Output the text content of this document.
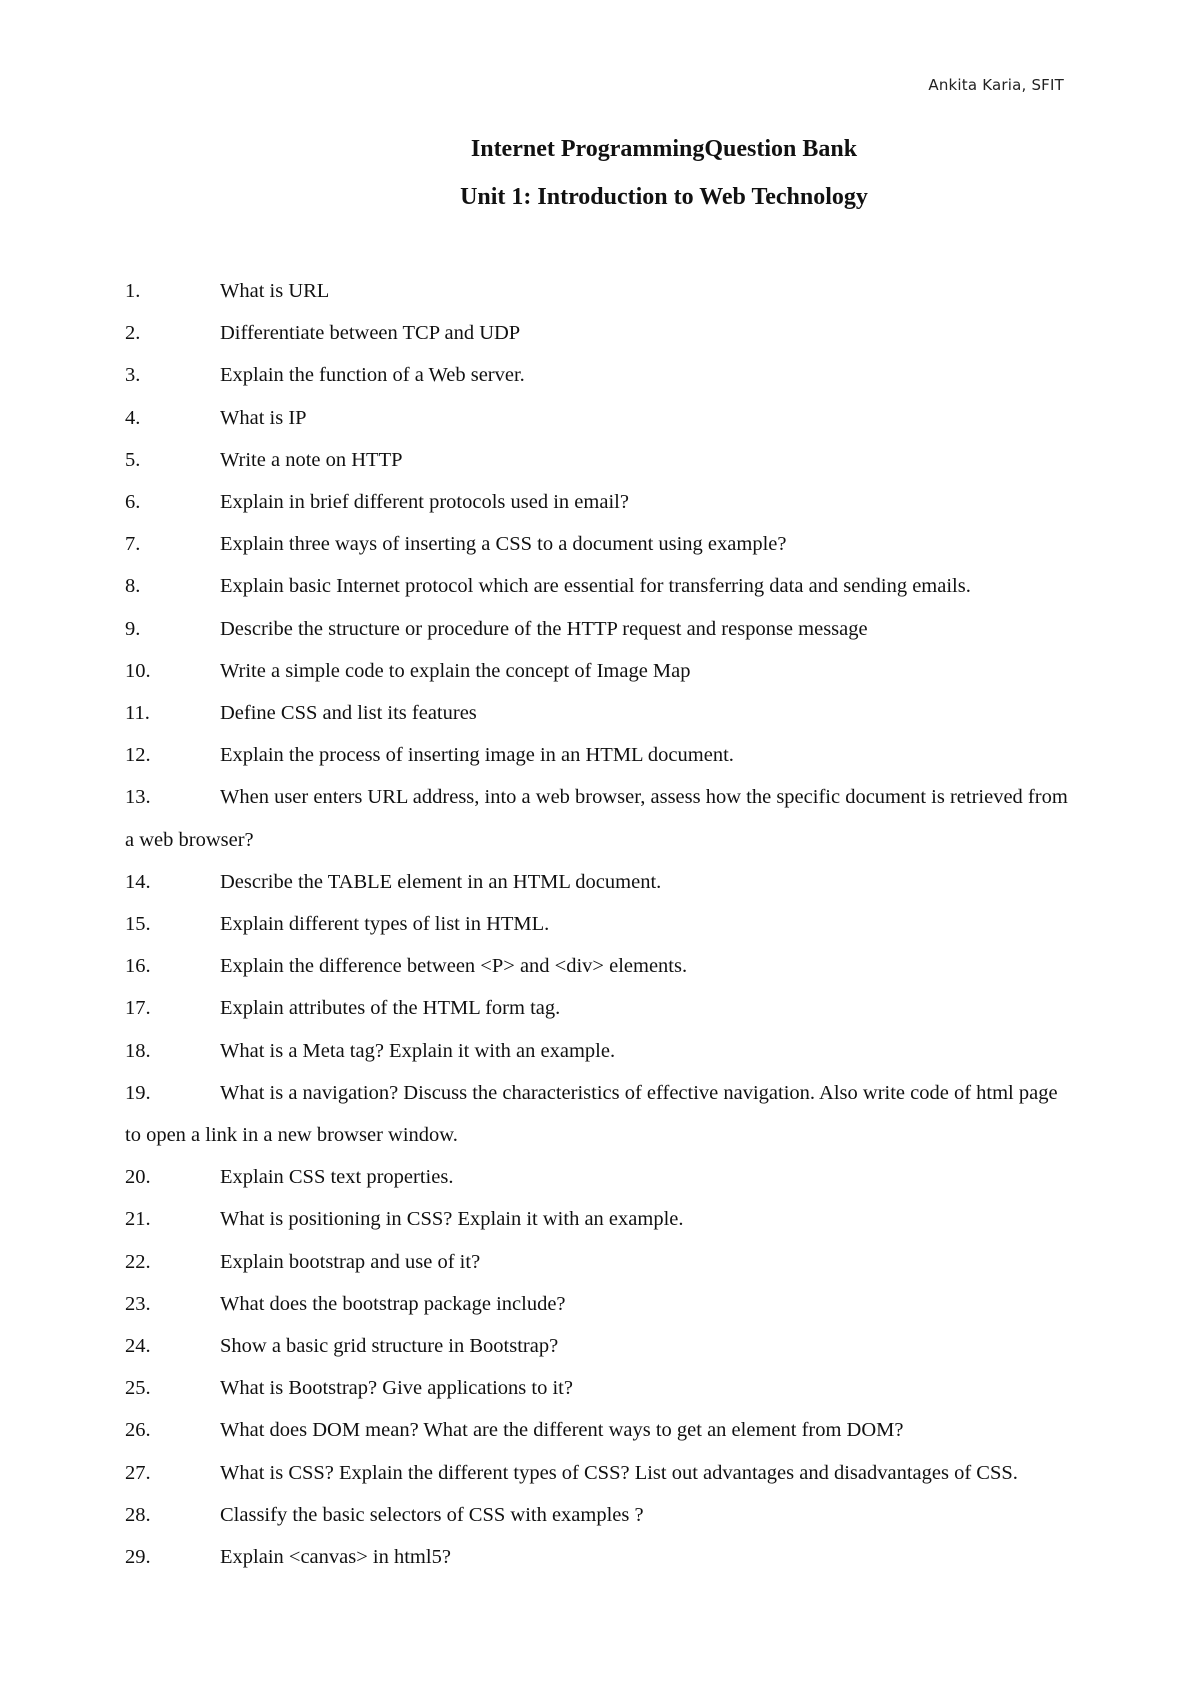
Ankita Karia, SFIT
Internet ProgrammingQuestion Bank
Unit 1: Introduction to Web Technology
1.	What is URL
2.	Differentiate between TCP and UDP
3.	Explain the function of a Web server.
4.	What is IP
5.	Write a note on HTTP
6.	Explain in brief different protocols used in email?
7.	Explain three ways of inserting a CSS to a document using example?
8.	Explain basic Internet protocol which are essential for transferring data and sending emails.
9.	Describe the structure or procedure of the HTTP request and response message
10.	Write a simple code to explain the concept of Image Map
11.	Define CSS and list its features
12.	Explain the process of inserting image in an HTML document.
13.	When user enters URL address, into a web browser, assess how the specific document is retrieved from a web browser?
14.	Describe the TABLE element in an HTML document.
15.	Explain different types of list in HTML.
16.	Explain the difference between <P> and <div> elements.
17.	Explain attributes of the HTML form tag.
18.	What is a Meta tag? Explain it with an example.
19.	What is a navigation? Discuss the characteristics of effective navigation. Also write code of html page to open a link in a new browser window.
20.	Explain CSS text properties.
21.	What is positioning in CSS? Explain it with an example.
22.	Explain bootstrap and use of it?
23.	What does the bootstrap package include?
24.	Show a basic grid structure in Bootstrap?
25.	What is Bootstrap? Give applications to it?
26.	What does DOM mean? What are the different ways to get an element from DOM?
27.	What is CSS? Explain the different types of CSS? List out advantages and disadvantages of CSS.
28.	Classify the basic selectors of CSS with examples ?
29.	Explain <canvas> in html5?
